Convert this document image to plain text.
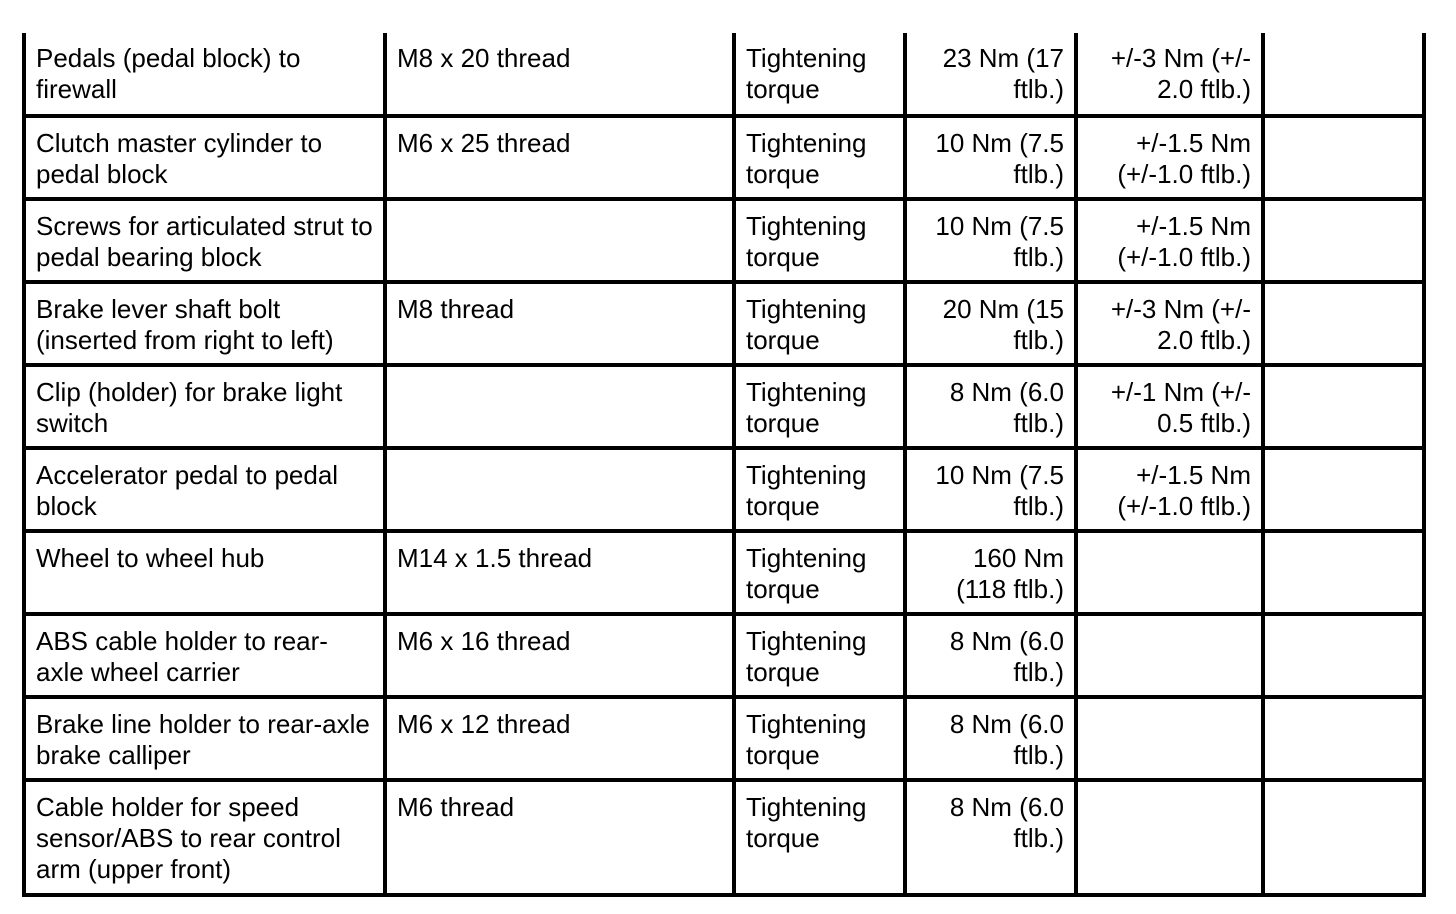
Pedals (pedal block) to firewall	M8 x 20 thread	Tightening torque	23 Nm (17 ftlb.)	+/-3 Nm (+/- 2.0 ftlb.)	
Clutch master cylinder to pedal block	M6 x 25 thread	Tightening torque	10 Nm (7.5 ftlb.)	+/-1.5 Nm (+/-1.0 ftlb.)	
Screws for articulated strut to pedal bearing block		Tightening torque	10 Nm (7.5 ftlb.)	+/-1.5 Nm (+/-1.0 ftlb.)	
Brake lever shaft bolt (inserted from right to left)	M8 thread	Tightening torque	20 Nm (15 ftlb.)	+/-3 Nm (+/- 2.0 ftlb.)	
Clip (holder) for brake light switch		Tightening torque	8 Nm (6.0 ftlb.)	+/-1 Nm (+/- 0.5 ftlb.)	
Accelerator pedal to pedal block		Tightening torque	10 Nm (7.5 ftlb.)	+/-1.5 Nm (+/-1.0 ftlb.)	
Wheel to wheel hub	M14 x 1.5 thread	Tightening torque	160 Nm (118 ftlb.)		
ABS cable holder to rear-axle wheel carrier	M6 x 16 thread	Tightening torque	8 Nm (6.0 ftlb.)		
Brake line holder to rear-axle brake calliper	M6 x 12 thread	Tightening torque	8 Nm (6.0 ftlb.)		
Cable holder for speed sensor/ABS to rear control arm (upper front)	M6 thread	Tightening torque	8 Nm (6.0 ftlb.)		
